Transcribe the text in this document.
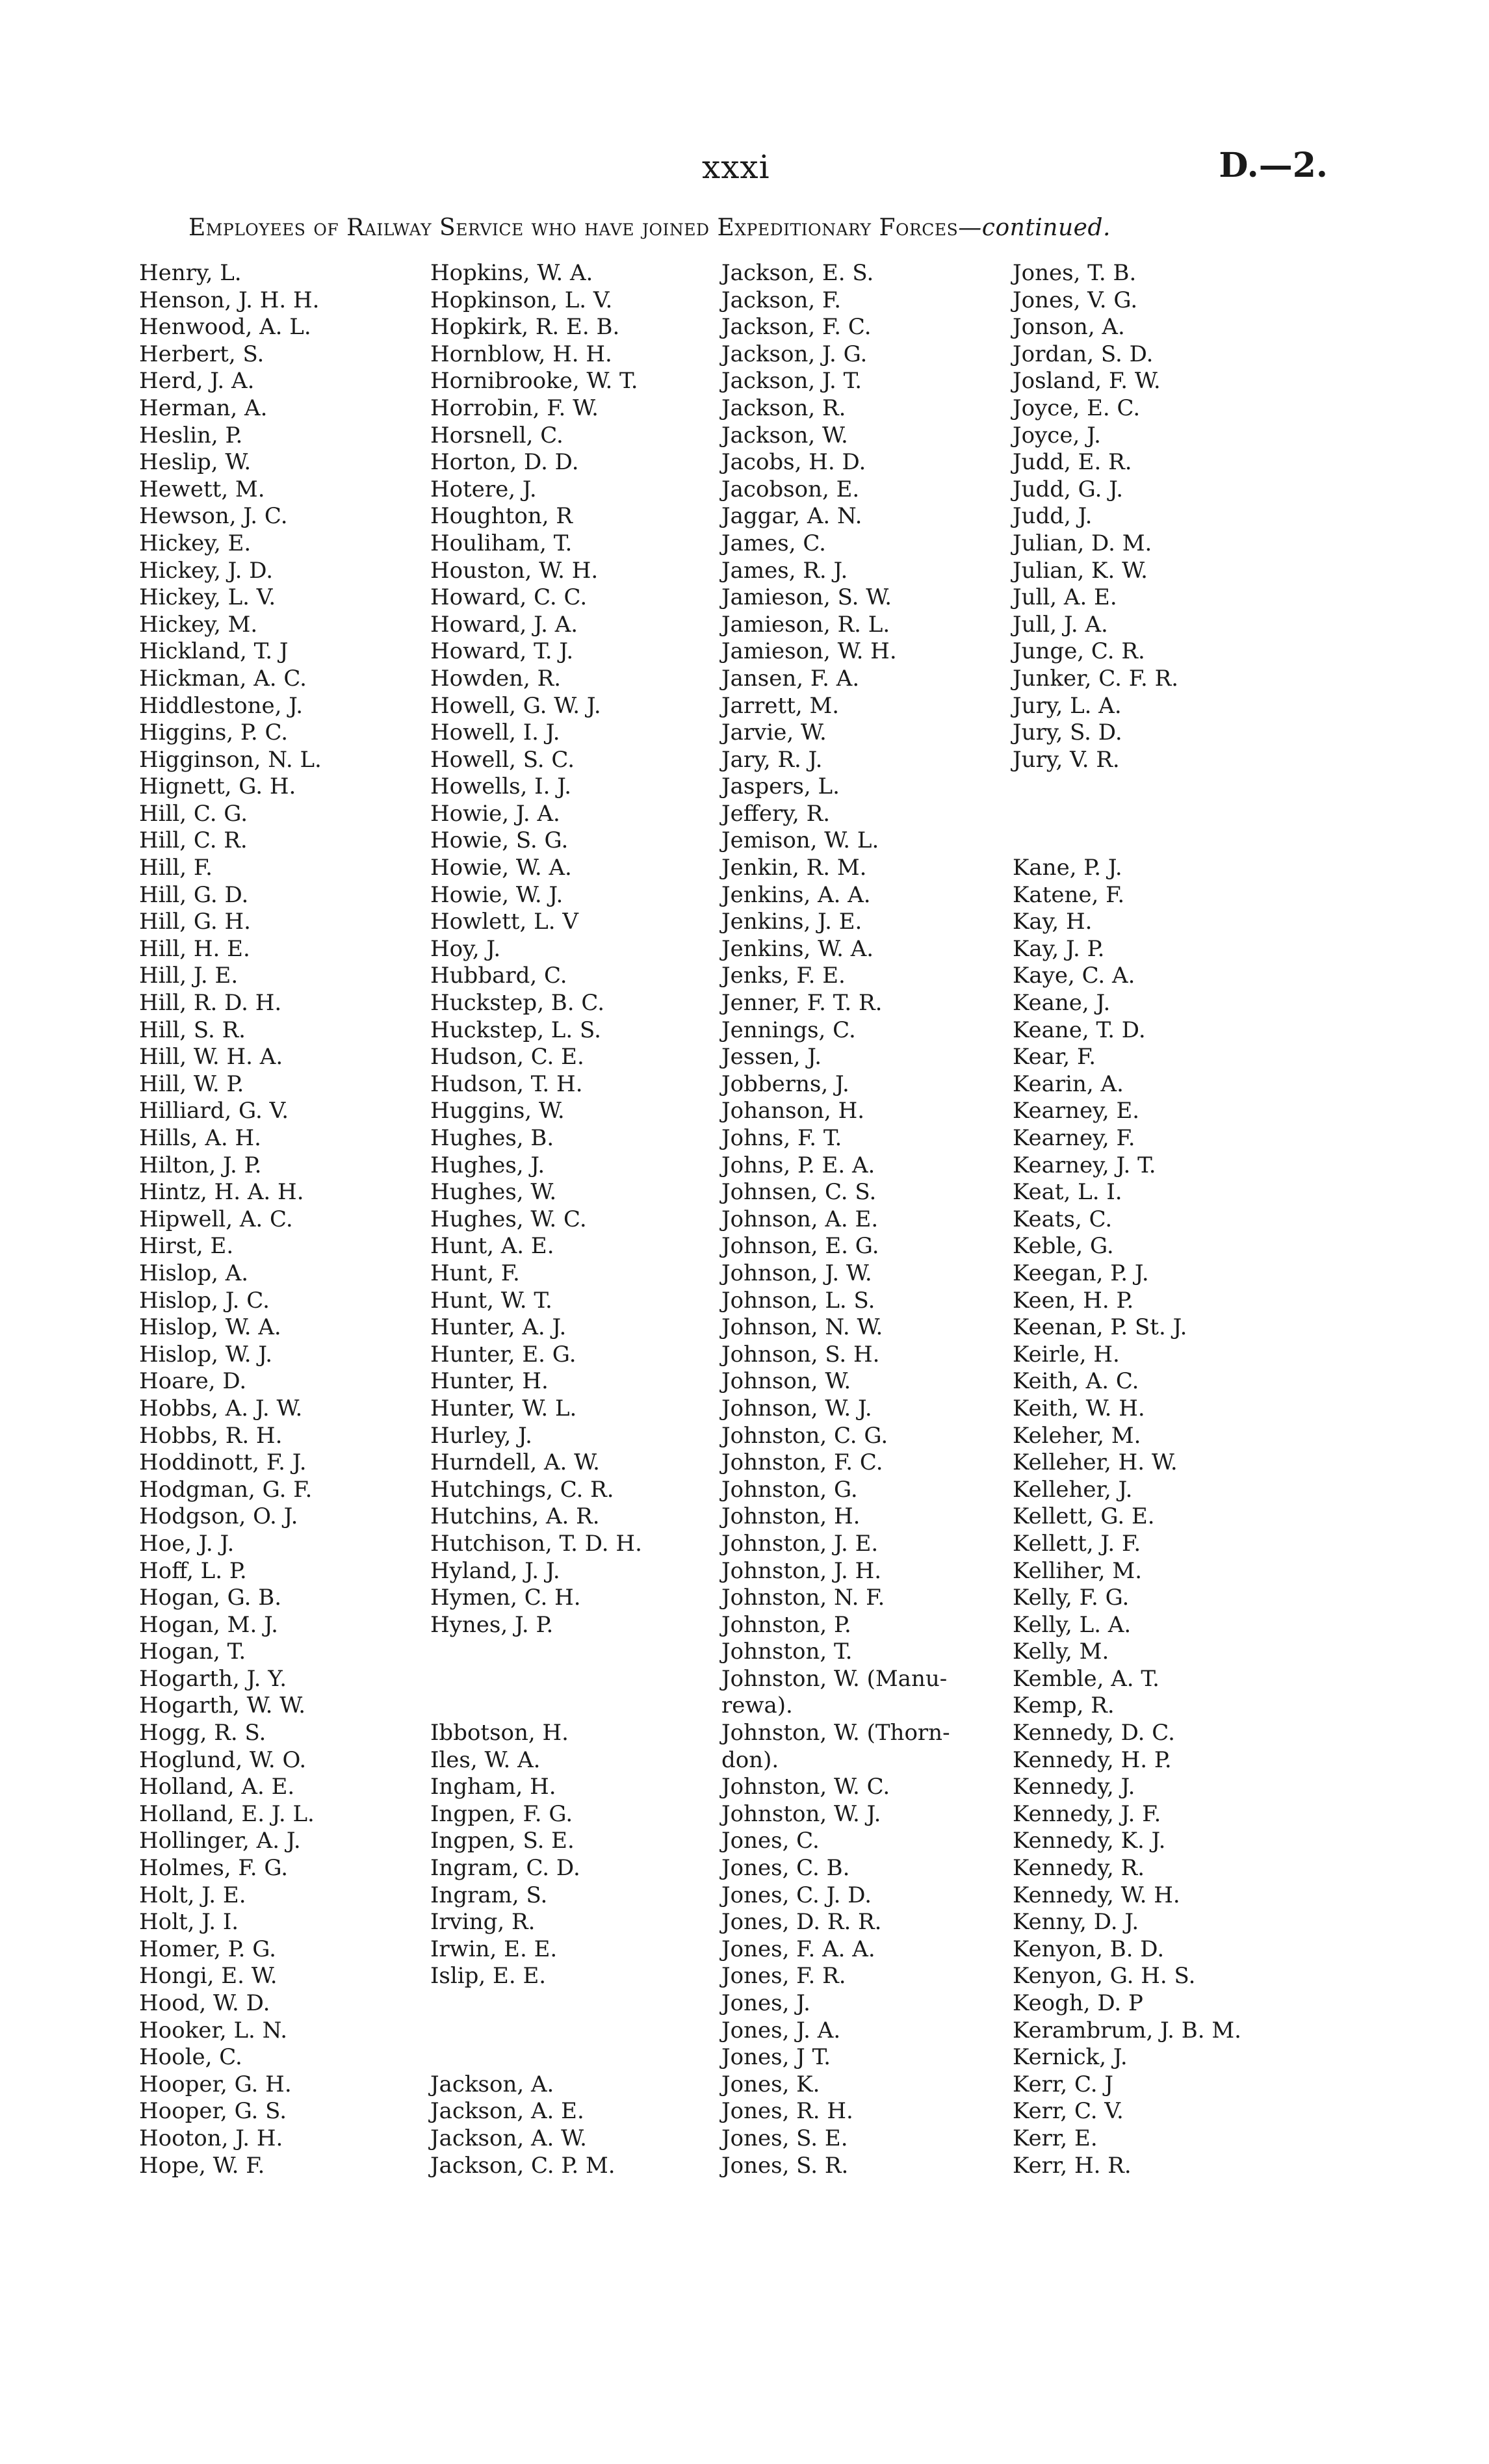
xxxi	D.—2.
Employees of Railway Service who have joined Expeditionary Forces—continued.
Henry, L.
Henson, J. H. H.
Henwood, A. L.
Herbert, S.
Herd, J. A.
Herman, A.
Heslin, P.
Heslip, W.
Hewett, M.
Hewson, J. C.
Hickey, E.
Hickey, J. D.
Hickey, L. V.
Hickey, M.
Hickland, T. J
Hickman, A. C.
Hiddlestone, J.
Higgins, P. C.
Higginson, N. L.
Hignett, G. H.
Hill, C. G.
Hill, C. R.
Hill, F.
Hill, G. D.
Hill, G. H.
Hill, H. E.
Hill, J. E.
Hill, R. D. H.
Hill, S. R.
Hill, W. H. A.
Hill, W. P.
Hilliard, G. V.
Hills, A. H.
Hilton, J. P.
Hintz, H. A. H.
Hipwell, A. C.
Hirst, E.
Hislop, A.
Hislop, J. C.
Hislop, W. A.
Hislop, W. J.
Hoare, D.
Hobbs, A. J. W.
Hobbs, R. H.
Hoddinott, F. J.
Hodgman, G. F.
Hodgson, O. J.
Hoe, J. J.
Hoff, L. P.
Hogan, G. B.
Hogan, M. J.
Hogan, T.
Hogarth, J. Y.
Hogarth, W. W.
Hogg, R. S.
Hoglund, W. O.
Holland, A. E.
Holland, E. J. L.
Hollinger, A. J.
Holmes, F. G.
Holt, J. E.
Holt, J. I.
Homer, P. G.
Hongi, E. W.
Hood, W. D.
Hooker, L. N.
Hoole, C.
Hooper, G. H.
Hooper, G. S.
Hooton, J. H.
Hope, W. F.
Hopkins, W. A.
Hopkinson, L. V.
Hopkirk, R. E. B.
Hornblow, H. H.
Hornibrooke, W. T.
Horrobin, F. W.
Horsnell, C.
Horton, D. D.
Hotere, J.
Houghton, R
Houliham, T.
Houston, W. H.
Howard, C. C.
Howard, J. A.
Howard, T. J.
Howden, R.
Howell, G. W. J.
Howell, I. J.
Howell, S. C.
Howells, I. J.
Howie, J. A.
Howie, S. G.
Howie, W. A.
Howie, W. J.
Howlett, L. V
Hoy, J.
Hubbard, C.
Huckstep, B. C.
Huckstep, L. S.
Hudson, C. E.
Hudson, T. H.
Huggins, W.
Hughes, B.
Hughes, J.
Hughes, W.
Hughes, W. C.
Hunt, A. E.
Hunt, F.
Hunt, W. T.
Hunter, A. J.
Hunter, E. G.
Hunter, H.
Hunter, W. L.
Hurley, J.
Hurndell, A. W.
Hutchings, C. R.
Hutchins, A. R.
Hutchison, T. D. H.
Hyland, J. J.
Hymen, C. H.
Hynes, J. P.
Ibbotson, H.
Iles, W. A.
Ingham, H.
Ingpen, F. G.
Ingpen, S. E.
Ingram, C. D.
Ingram, S.
Irving, R.
Irwin, E. E.
Islip, E. E.
Jackson, A.
Jackson, A. E.
Jackson, A. W.
Jackson, C. P. M.
Jackson, E. S.
Jackson, F.
Jackson, F. C.
Jackson, J. G.
Jackson, J. T.
Jackson, R.
Jackson, W.
Jacobs, H. D.
Jacobson, E.
Jaggar, A. N.
James, C.
James, R. J.
Jamieson, S. W.
Jamieson, R. L.
Jamieson, W. H.
Jansen, F. A.
Jarrett, M.
Jarvie, W.
Jary, R. J.
Jaspers, L.
Jeffery, R.
Jemison, W. L.
Jenkin, R. M.
Jenkins, A. A.
Jenkins, J. E.
Jenkins, W. A.
Jenks, F. E.
Jenner, F. T. R.
Jennings, C.
Jessen, J.
Jobberns, J.
Johanson, H.
Johns, F. T.
Johns, P. E. A.
Johnsen, C. S.
Johnson, A. E.
Johnson, E. G.
Johnson, J. W.
Johnson, L. S.
Johnson, N. W.
Johnson, S. H.
Johnson, W.
Johnson, W. J.
Johnston, C. G.
Johnston, F. C.
Johnston, G.
Johnston, H.
Johnston, J. E.
Johnston, J. H.
Johnston, N. F.
Johnston, P.
Johnston, T.
Johnston, W. (Manu-
rewa).
Johnston, W. (Thorn-
don).
Johnston, W. C.
Johnston, W. J.
Jones, C.
Jones, C. B.
Jones, C. J. D.
Jones, D. R. R.
Jones, F. A. A.
Jones, F. R.
Jones, J.
Jones, J. A.
Jones, J T.
Jones, K.
Jones, R. H.
Jones, S. E.
Jones, S. R.
Jones, T. B.
Jones, V. G.
Jonson, A.
Jordan, S. D.
Josland, F. W.
Joyce, E. C.
Joyce, J.
Judd, E. R.
Judd, G. J.
Judd, J.
Julian, D. M.
Julian, K. W.
Jull, A. E.
Jull, J. A.
Junge, C. R.
Junker, C. F. R.
Jury, L. A.
Jury, S. D.
Jury, V. R.
Kane, P. J.
Katene, F.
Kay, H.
Kay, J. P.
Kaye, C. A.
Keane, J.
Keane, T. D.
Kear, F.
Kearin, A.
Kearney, E.
Kearney, F.
Kearney, J. T.
Keat, L. I.
Keats, C.
Keble, G.
Keegan, P. J.
Keen, H. P.
Keenan, P. St. J.
Keirle, H.
Keith, A. C.
Keith, W. H.
Keleher, M.
Kelleher, H. W.
Kelleher, J.
Kellett, G. E.
Kellett, J. F.
Kelliher, M.
Kelly, F. G.
Kelly, L. A.
Kelly, M.
Kemble, A. T.
Kemp, R.
Kennedy, D. C.
Kennedy, H. P.
Kennedy, J.
Kennedy, J. F.
Kennedy, K. J.
Kennedy, R.
Kennedy, W. H.
Kenny, D. J.
Kenyon, B. D.
Kenyon, G. H. S.
Keogh, D. P
Kerambrum, J. B. M.
Kernick, J.
Kerr, C. J
Kerr, C. V.
Kerr, E.
Kerr, H. R.
